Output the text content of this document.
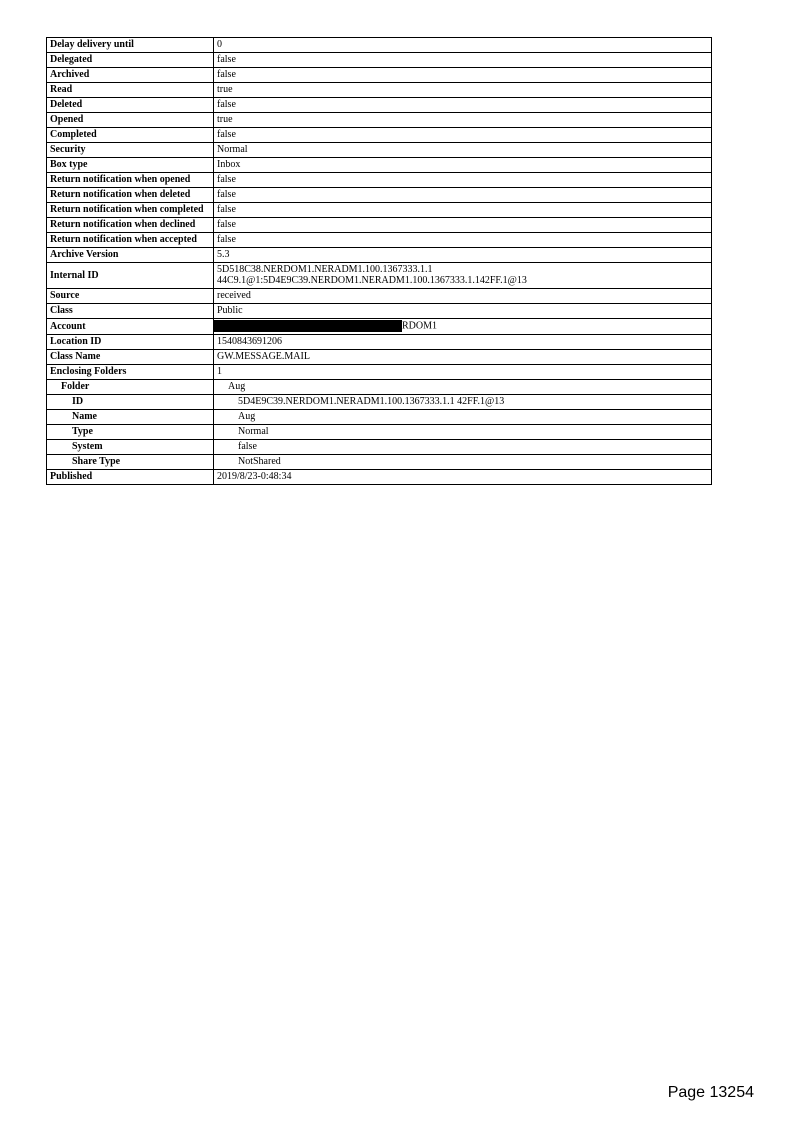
Delay delivery until	0
Delegated	false
Archived	false
Read	true
Deleted	false
Opened	true
Completed	false
Security	Normal
Box type	Inbox
Return notification when opened	false
Return notification when deleted	false
Return notification when completed	false
Return notification when declined	false
Return notification when accepted	false
Archive Version	5.3
Internal ID	5D518C38.NERDOM1.NERADM1.100.1367333.1.1 44C9.1@1:5D4E9C39.NERDOM1.NERADM1.100.1367333.1.142FF.1@13
Source	received
Class	Public
Account	RDOM1
Location ID	1540843691206
Class Name	GW.MESSAGE.MAIL
Enclosing Folders	1
Folder	Aug
ID	5D4E9C39.NERDOM1.NERADM1.100.1367333.1.1 42FF.1@13
Name	Aug
Type	Normal
System	false
Share Type	NotShared
Published	2019/8/23-0:48:34
Page 13254
